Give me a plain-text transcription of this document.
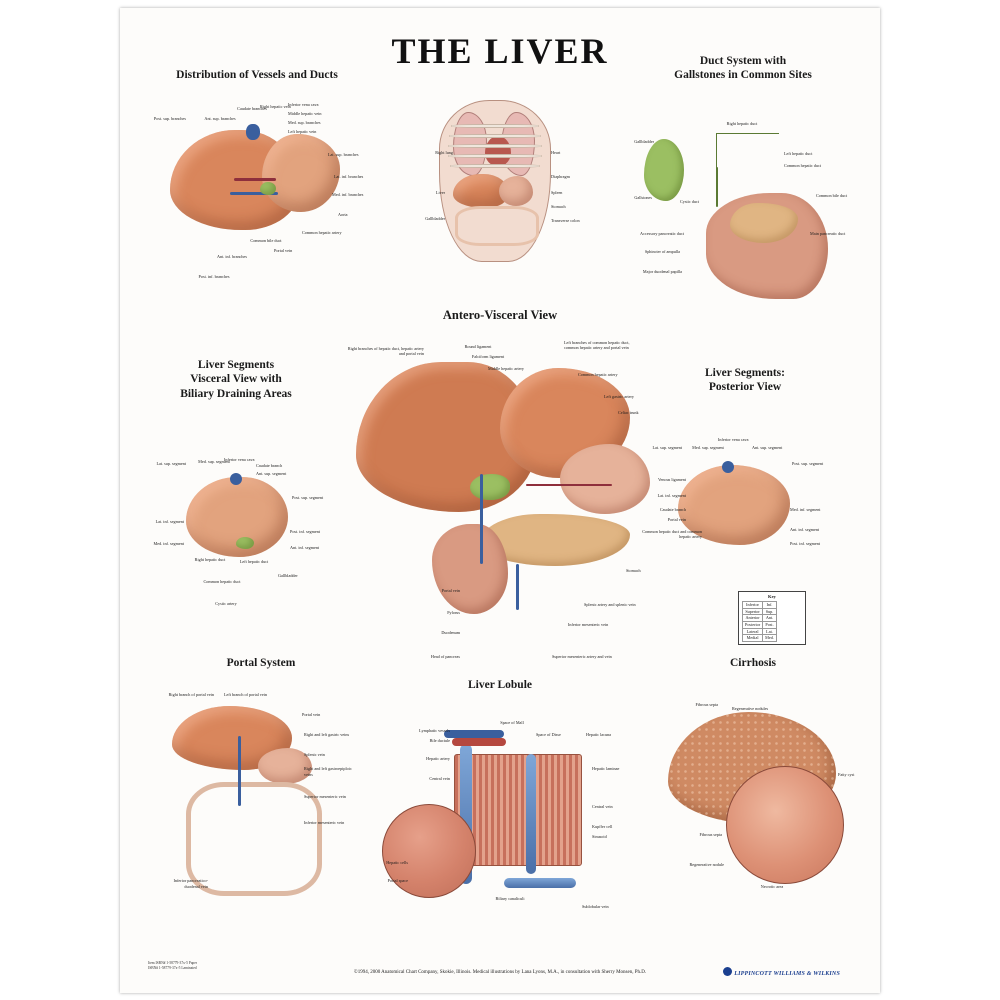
THE LIVER
Distribution of Vessels and Ducts
Post. sup. branches	Ant. sup. branches
Caudate branches
Right hepatic vein
Inferior vena cava
Middle hepatic vein
Med. sup. branches
Left hepatic vein
Lat. sup. branches
Lat. inf. branches
Med. inf. branches
Aorta
Common hepatic artery
Common bile duct
Portal vein
Ant. inf. branches
Post. inf. branches
Right lung	Heart
Diaphragm
Liver	Spleen
Stomach
Gallbladder	Transverse colon
Duct System with
Gallstones in Common Sites
Right hepatic duct
Gallbladder
Left hepatic duct
Common hepatic duct
Gallstones
Cystic duct
Common bile duct
Accessory pancreatic duct	Main pancreatic duct
Sphincter of ampulla
Major duodenal papilla
Antero-Visceral View
Right branches of hepatic duct, hepatic artery and portal vein
Round ligament
Falciform ligament
Middle hepatic artery
Left branches of common hepatic duct, common hepatic artery and portal vein
Common hepatic artery
Left gastric artery
Celiac trunk
Stomach
Splenic artery and splenic vein
Inferior mesenteric vein
Superior mesenteric artery and vein
Head of pancreas
Duodenum
Pylorus
Portal vein
Liver Segments
Visceral View with
Biliary Draining Areas
Lat. sup. segment	Med. sup. segment
Inferior vena cava
Caudate branch
Ant. sup. segment
Post. sup. segment
Lat. inf. segment
Med. inf. segment
Right hepatic duct	Left hepatic duct
Common hepatic duct
Cystic artery
Gallbladder
Post. inf. segment
Ant. inf. segment
Liver Segments:
Posterior View
Lat. sup. segment Med. sup. segment
Inferior vena cava
Ant. sup. segment
Post. sup. segment
Venous ligament
Lat. inf. segment
Caudate branch
Portal vein
Common hepatic duct and common hepatic artery
Med. inf. segment
Ant. inf. segment
Post. inf. segment
Key
Inferior	Inf.
Superior	Sup.
Anterior	Ant.
Posterior	Post.
Lateral	Lat.
Medial	Med.
Portal System
Right branch of portal vein Left branch of portal vein
Portal vein
Right and left gastric veins
Splenic vein
Right and left gastroepiploic veins
Superior mesenteric vein
Inferior mesenteric vein
Inferior pancreatico-duodenal vein
Liver Lobule
Lymphatic vessels
Space of Mall
Space of Disse	Hepatic lacuna
Bile ductule
Hepatic artery
Hepatic laminae
Central vein
Central vein
Kupffer cell
Sinusoid
Hepatic cells
Portal space
Biliary canaliculi
Sublobular vein
Cirrhosis
Fibrous septa
Regenerative nodules
Fatty cyst
Fibrous septa
Regenerative nodule
Necrotic area
Item ISBN# 1-58779-37x-5 Paper
ISBN# 1-58779-37x-5 Laminated
©1994, 2000 Anatomical Chart Company, Skokie, Illinois. Medical illustrations by Lana Lyons, M.A., in consultation with Sherry Monsen, Ph.D.	LIPPINCOTT WILLIAMS & WILKINS
